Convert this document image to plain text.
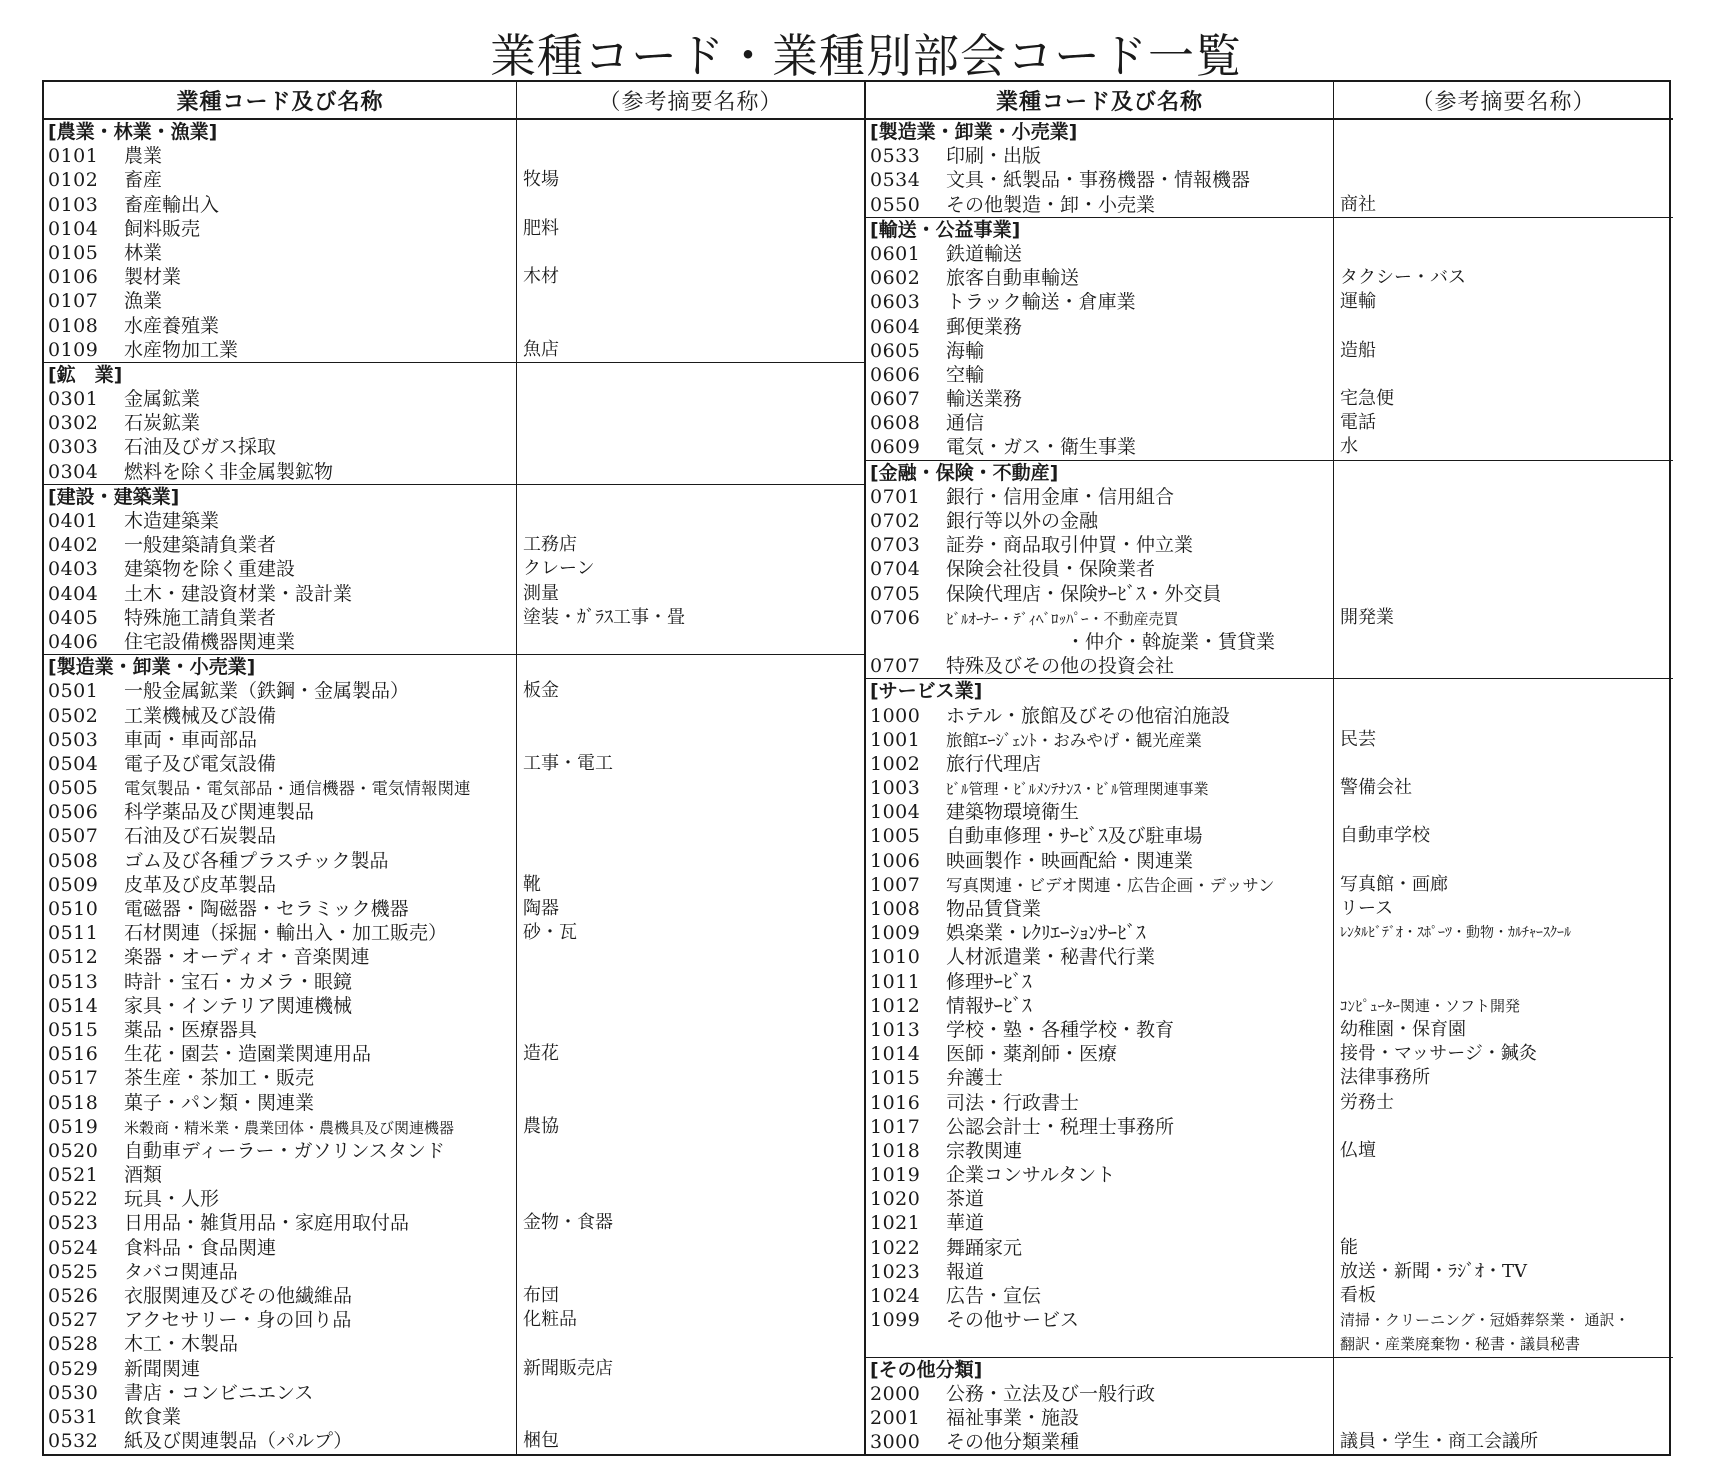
業種コード・業種別部会コード一覧
業種コード及び名称
[農業・林業・漁業]
0101 農業
0102 畜産
0103 畜産輸出入
0104 飼料販売
0105 林業
0106 製材業
0107 漁業
0108 水産養殖業
0109 水産物加工業
[鉱　業]
0301 金属鉱業
0302 石炭鉱業
0303 石油及びガス採取
0304 燃料を除く非金属製鉱物
[建設・建築業]
0401 木造建築業
0402 一般建築請負業者
0403 建築物を除く重建設
0404 土木・建設資材業・設計業
0405 特殊施工請負業者
0406 住宅設備機器関連業
[製造業・卸業・小売業]
0501 一般金属鉱業（鉄鋼・金属製品）
0502 工業機械及び設備
0503 車両・車両部品
0504 電子及び電気設備
0505 電気製品・電気部品・通信機器・電気情報関連
0506 科学薬品及び関連製品
0507 石油及び石炭製品
0508 ゴム及び各種プラスチック製品
0509 皮革及び皮革製品
0510 電磁器・陶磁器・セラミック機器
0511 石材関連（採掘・輸出入・加工販売）
0512 楽器・オーディオ・音楽関連
0513 時計・宝石・カメラ・眼鏡
0514 家具・インテリア関連機械
0515 薬品・医療器具
0516 生花・園芸・造園業関連用品
0517 茶生産・茶加工・販売
0518 菓子・パン類・関連業
0519 米穀商・精米業・農業団体・農機具及び関連機器
0520 自動車ディーラー・ガソリンスタンド
0521 酒類
0522 玩具・人形
0523 日用品・雑貨用品・家庭用取付品
0524 食料品・食品関連
0525 タバコ関連品
0526 衣服関連及びその他繊維品
0527 アクセサリー・身の回り品
0528 木工・木製品
0529 新聞関連
0530 書店・コンビニエンス
0531 飲食業
0532 紙及び関連製品（パルプ）
（参考摘要名称）
牧場
肥料
木材
魚店
工務店
クレーン
測量
塗装・ｶﾞﾗｽ工事・畳
板金
工事・電工
靴
陶器
砂・瓦
造花
農協
金物・食器
布団
化粧品
新聞販売店
梱包
業種コード及び名称
[製造業・卸業・小売業]
0533 印刷・出版
0534 文具・紙製品・事務機器・情報機器
0550 その他製造・卸・小売業
[輸送・公益事業]
0601 鉄道輸送
0602 旅客自動車輸送
0603 トラック輸送・倉庫業
0604 郵便業務
0605 海輸
0606 空輸
0607 輸送業務
0608 通信
0609 電気・ガス・衛生事業
[金融・保険・不動産]
0701 銀行・信用金庫・信用組合
0702 銀行等以外の金融
0703 証券・商品取引仲買・仲立業
0704 保険会社役員・保険業者
0705 保険代理店・保険ｻｰﾋﾞｽ・外交員
0706 ﾋﾞﾙｵｰﾅｰ・ﾃﾞｨﾍﾞﾛｯﾊﾟｰ・不動産売買
・仲介・斡旋業・賃貸業
0707 特殊及びその他の投資会社
[サービス業]
1000 ホテル・旅館及びその他宿泊施設
1001 旅館ｴｰｼﾞｪﾝﾄ・おみやげ・観光産業
1002 旅行代理店
1003 ﾋﾞﾙ管理・ﾋﾞﾙﾒﾝﾃﾅﾝｽ・ﾋﾞﾙ管理関連事業
1004 建築物環境衛生
1005 自動車修理・ｻｰﾋﾞｽ及び駐車場
1006 映画製作・映画配給・関連業
1007 写真関連・ビデオ関連・広告企画・デッサン
1008 物品賃貸業
1009 娯楽業・ﾚｸﾘｴｰｼｮﾝｻｰﾋﾞｽ
1010 人材派遣業・秘書代行業
1011 修理ｻｰﾋﾞｽ
1012 情報ｻｰﾋﾞｽ
1013 学校・塾・各種学校・教育
1014 医師・薬剤師・医療
1015 弁護士
1016 司法・行政書士
1017 公認会計士・税理士事務所
1018 宗教関連
1019 企業コンサルタント
1020 茶道
1021 華道
1022 舞踊家元
1023 報道
1024 広告・宣伝
1099 その他サービス
[その他分類]
2000 公務・立法及び一般行政
2001 福祉事業・施設
3000 その他分類業種
（参考摘要名称）
商社
タクシー・バス
運輸
造船
宅急便
電話
水
開発業
民芸
警備会社
自動車学校
写真館・画廊
リース
ﾚﾝﾀﾙﾋﾞﾃﾞｵ・ｽﾎﾟｰﾂ・動物・ｶﾙﾁｬｰｽｸｰﾙ
ｺﾝﾋﾟｭｰﾀｰ関連・ソフト開発
幼稚園・保育園
接骨・マッサージ・鍼灸
法律事務所
労務士
仏壇
能
放送・新聞・ﾗｼﾞｵ・TV
看板
清掃・クリーニング・冠婚葬祭業・ 通訳・
翻訳・産業廃棄物・秘書・議員秘書
議員・学生・商工会議所
